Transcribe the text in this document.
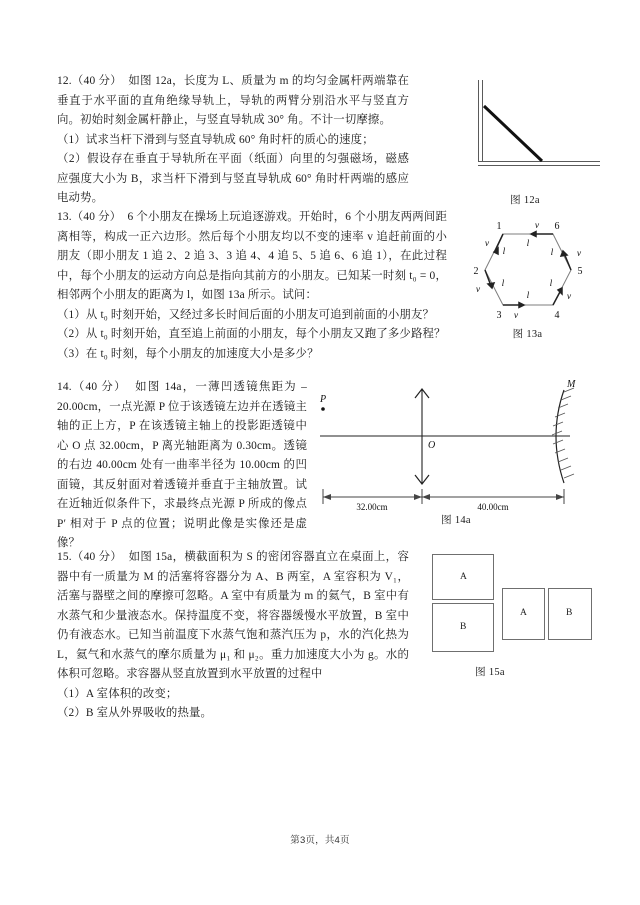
12.（40 分） 如图 12a，长度为 L、质量为 m 的均匀金属杆两端靠在垂直于水平面的直角绝缘导轨上，导轨的两臂分别沿水平与竖直方向。初始时刻金属杆静止，与竖直导轨成 30° 角。不计一切摩擦。

（1）试求当杆下滑到与竖直导轨成 60° 角时杆的质心的速度；

（2）假设存在垂直于导轨所在平面（纸面）向里的匀强磁场，磁感应强度大小为 B，求当杆下滑到与竖直导轨成 60° 角时杆两端的感应电动势。	图 12a

13.（40 分） 6 个小朋友在操场上玩追逐游戏。开始时，6 个小朋友两两间距离相等，构成一正六边形。然后每个小朋友均以不变的速率 v 追赶前面的小朋友（即小朋友 1 追 2、2 追 3、3 追 4、4 追 5、5 追 6、6 追 1），在此过程中，每个小朋友的运动方向总是指向其前方的小朋友。已知某一时刻 t₀ = 0，相邻两个小朋友的距离为 l，如图 13a 所示。试问：

（1）从 t₀ 时刻开始，又经过多长时间后面的小朋友可追到前面的小朋友？

（2）从 t₀ 时刻开始，直至追上前面的小朋友，每个小朋友又跑了多少路程？

（3）在 t₀ 时刻，每个小朋友的加速度大小是多少？

1	6
5
4
3
2
v
v
v
v
v
v
l
l
l
l
l
l
图 13a

14.（40 分） 如图 14a，一薄凹透镜焦距为 –20.00cm，一点光源 P 位于该透镜左边并在透镜主轴的正上方，P 在该透镜主轴上的投影距透镜中心 O 点 32.00cm，P 离光轴距离为 0.30cm。透镜的右边 40.00cm 处有一曲率半径为 10.00cm 的凹面镜，其反射面对着透镜并垂直于主轴放置。试在近轴近似条件下，求最终点光源 P 所成的像点 P′ 相对于 P 点的位置；说明此像是实像还是虚像？

O
P
M
32.00cm	40.00cm
图 14a

15.（40 分） 如图 15a，横截面积为 S 的密闭容器直立在桌面上，容器中有一质量为 M 的活塞将容器分为 A、B 两室，A 室容积为 V₁，活塞与器壁之间的摩擦可忽略。A 室中有质量为 m 的氦气，B 室中有水蒸气和少量液态水。保持温度不变，将容器缓慢水平放置，B 室中仍有液态水。已知当前温度下水蒸气饱和蒸汽压为 p，水的汽化热为 L，氦气和水蒸气的摩尔质量为 μ₁ 和 μ₂。重力加速度大小为 g。水的体积可忽略。求容器从竖直放置到水平放置的过程中

（1）A 室体积的改变；

（2）B 室从外界吸收的热量。

A
B
A	B
图 15a
第3页，共4页
